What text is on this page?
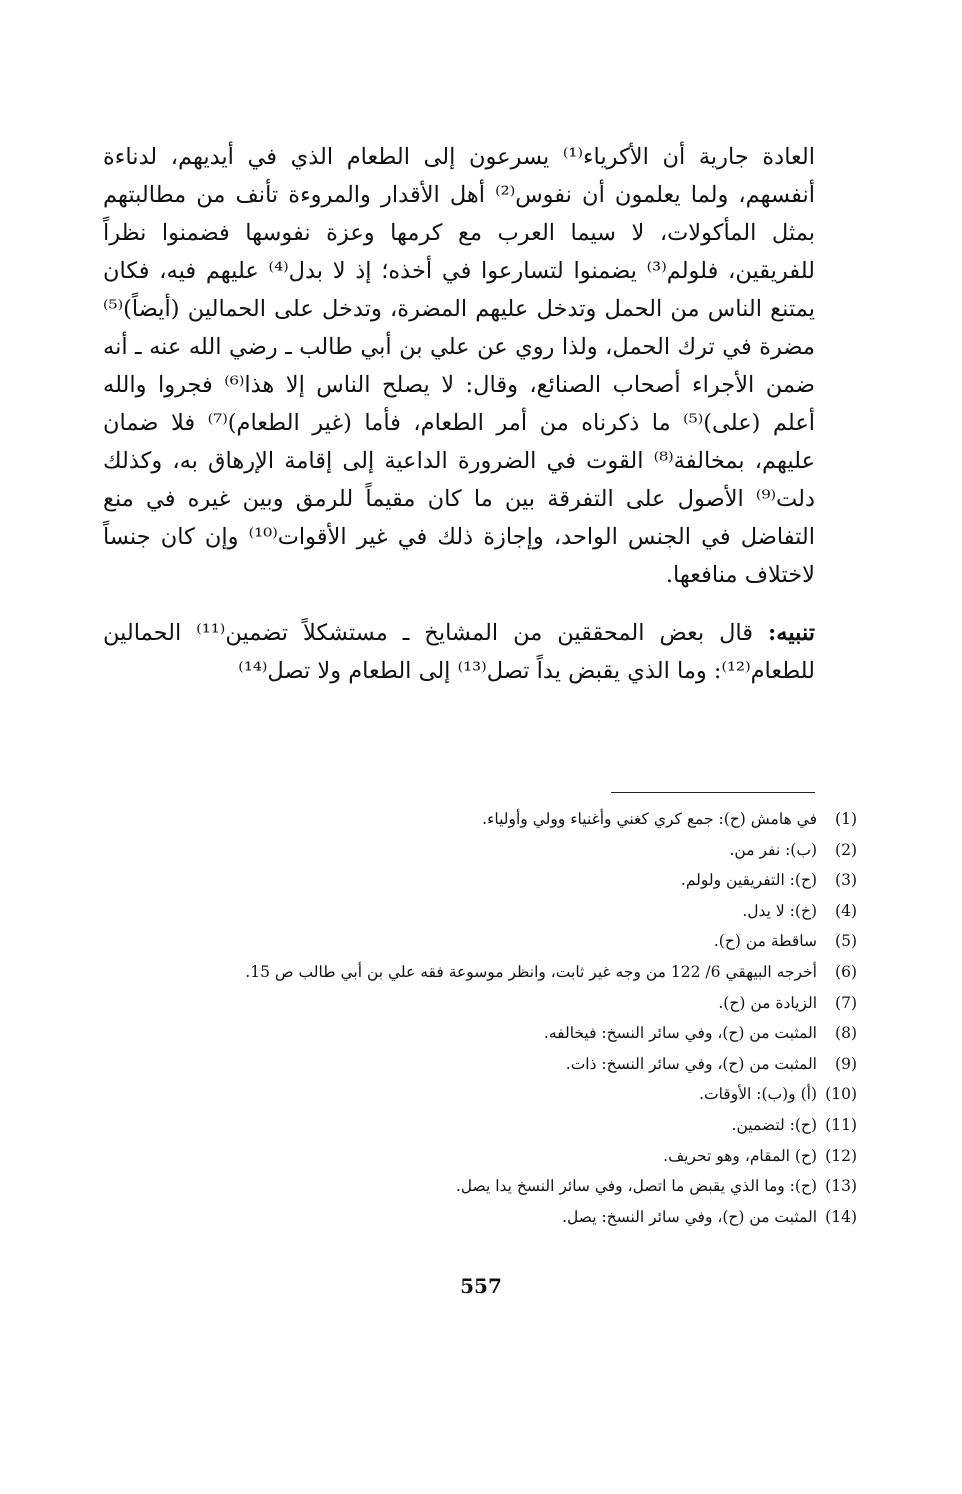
العادة جارية أن الأكرياء⁽¹⁾ يسرعون إلى الطعام الذي في أيديهم، لدناءة أنفسهم، ولما يعلمون أن نفوس⁽²⁾ أهل الأقدار والمروءة تأنف من مطالبتهم بمثل المأكولات، لا سيما العرب مع كرمها وعزة نفوسها فضمنوا نظراً للفريقين، فلولم⁽³⁾ يضمنوا لتسارعوا في أخذه؛ إذ لا بدل⁽⁴⁾ عليهم فيه، فكان يمتنع الناس من الحمل وتدخل عليهم المضرة، وتدخل على الحمالين (أيضاً)⁽⁵⁾ مضرة في ترك الحمل، ولذا روي عن علي بن أبي طالب ـ رضي الله عنه ـ أنه ضمن الأجراء أصحاب الصنائع، وقال: لا يصلح الناس إلا هذا⁽⁶⁾ فجروا والله أعلم (على)⁽⁵⁾ ما ذكرناه من أمر الطعام، فأما (غير الطعام)⁽⁷⁾ فلا ضمان عليهم، بمخالفة⁽⁸⁾ القوت في الضرورة الداعية إلى إقامة الإرهاق به، وكذلك دلت⁽⁹⁾ الأصول على التفرقة بين ما كان مقيماً للرمق وبين غيره في منع التفاضل في الجنس الواحد، وإجازة ذلك في غير الأقوات⁽¹⁰⁾ وإن كان جنساً لاختلاف منافعها.

تنبيه: قال بعض المحققين من المشايخ ـ مستشكلاً تضمين⁽¹¹⁾ الحمالين للطعام⁽¹²⁾: وما الذي يقبض يداً تصل⁽¹³⁾ إلى الطعام ولا تصل⁽¹⁴⁾

(1)
في هامش (ح): جمع كري كغني وأغنياء وولي وأولياء.
(2)
(ب): نفر من.
(3)
(ح): التفريقين ولولم.
(4)
(خ): لا يدل.
(5)
ساقطة من (ح).
(6)
أخرجه البيهقي 6/ 122 من وجه غير ثابت، وانظر موسوعة فقه علي بن أبي طالب ص 15.
(7)
الزيادة من (ح).
(8)
المثبت من (ح)، وفي سائر النسخ: فيخالفه.
(9)
المثبت من (ح)، وفي سائر النسخ: ذات.
(10)
(أ) و(ب): الأوقات.
(11)
(ح): لتضمين.
(12)
(ح) المقام، وهو تحريف.
(13)
(ح): وما الذي يقبض ما اتصل، وفي سائر النسخ يدا يصل.
(14)
المثبت من (ح)، وفي سائر النسخ: يصل.
557
